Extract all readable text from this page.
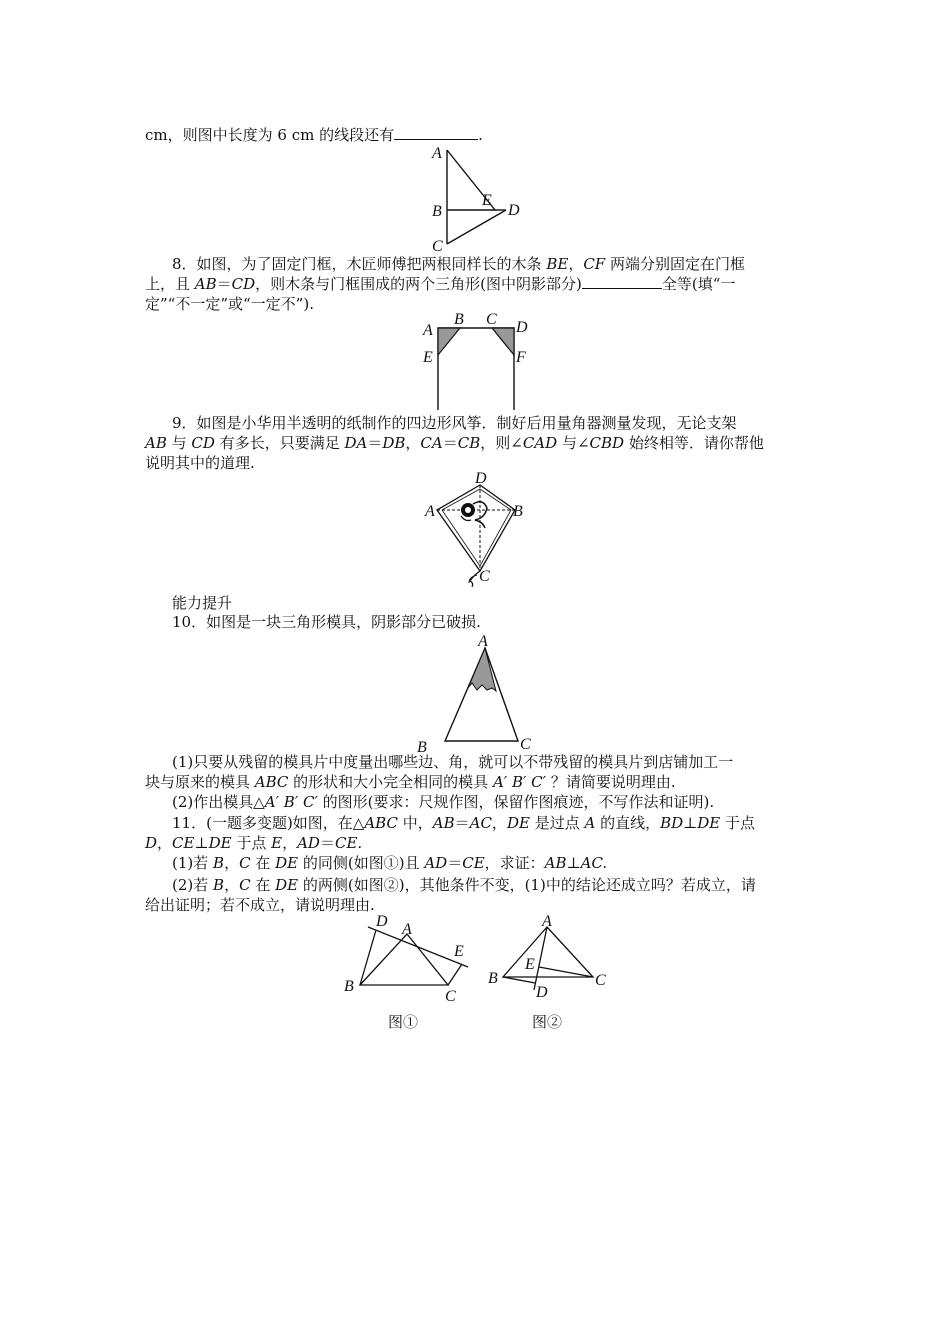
cm，则图中长度为 6 cm 的线段还有	.
A
B
C
D
E
8．如图，为了固定门框，木匠师傅把两根同样长的木条 BE，CF 两端分别固定在门框
上，且 AB＝CD，则木条与门框围成的两个三角形(图中阴影部分)	全等(填“一
定”“不一定”或“一定不”).
A
B C D
E	F
9．如图是小华用半透明的纸制作的四边形风筝．制好后用量角器测量发现，无论支架
AB 与 CD 有多长，只要满足 DA＝DB，CA＝CB，则∠CAD 与∠CBD 始终相等．请你帮他
说明其中的道理.
D
A	B
C
能力提升
10．如图是一块三角形模具，阴影部分已破损.
A
B	C
(1)只要从残留的模具片中度量出哪些边、角，就可以不带残留的模具片到店铺加工一
块与原来的模具 ABC 的形状和大小完全相同的模具 A′ B′ C′ ？请简要说明理由.
(2)作出模具△A′ B′ C′ 的图形(要求：尺规作图，保留作图痕迹，不写作法和证明).
11．(一题多变题)如图，在△ABC 中，AB＝AC，DE 是过点 A 的直线，BD⊥DE 于点
D，CE⊥DE 于点 E，AD＝CE.
(1)若 B，C 在 DE 的同侧(如图①)且 AD＝CE，求证：AB⊥AC.
(2)若 B，C 在 DE 的两侧(如图②)，其他条件不变，(1)中的结论还成立吗？若成立，请
给出证明；若不成立，请说明理由.
D A
E
B
C
图①
A
E
B	C
D
图②
